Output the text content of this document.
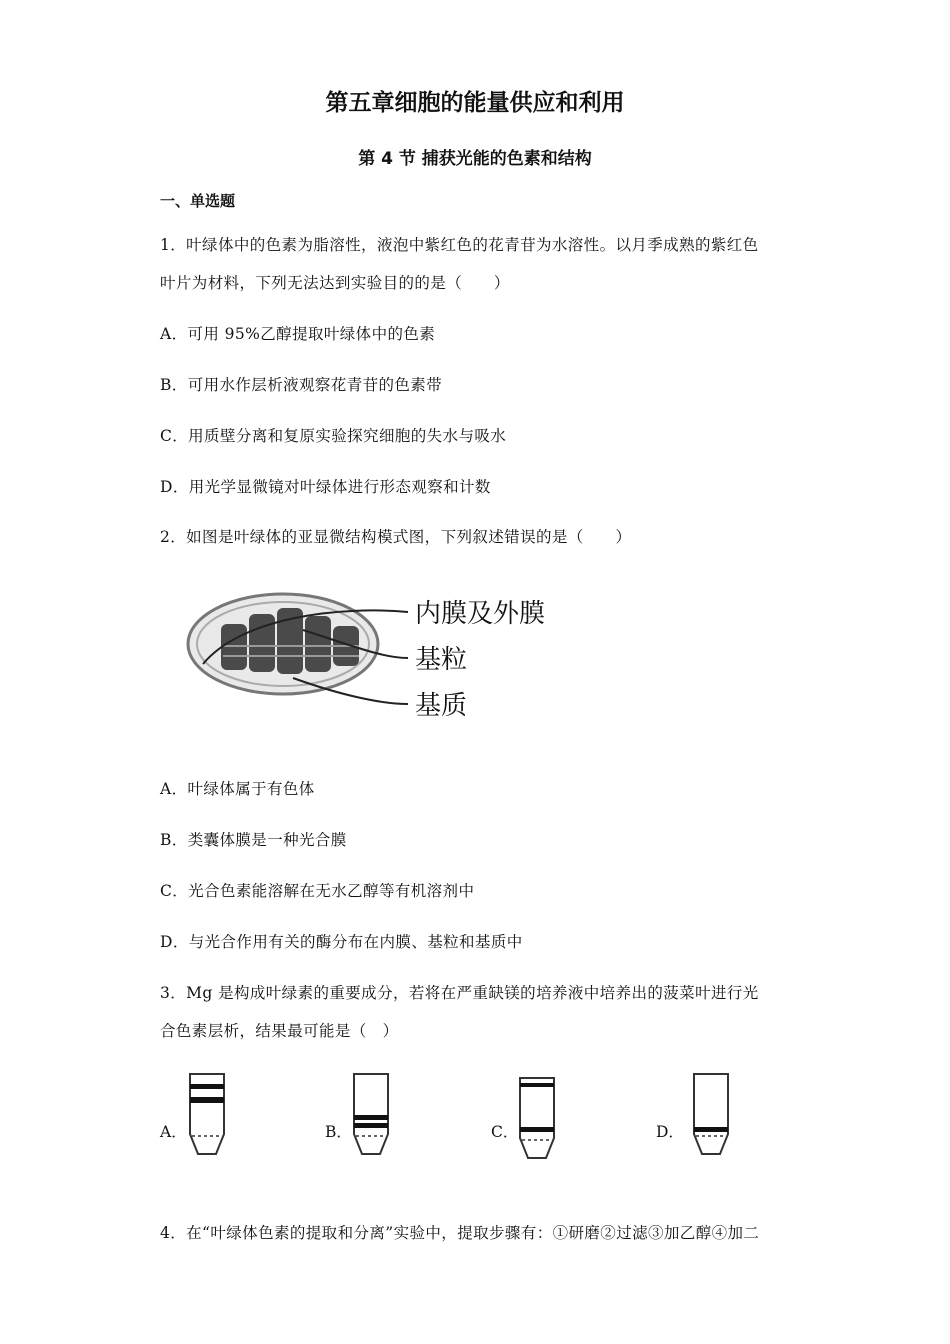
第五章细胞的能量供应和利用
第 4 节 捕获光能的色素和结构
一、单选题
1．叶绿体中的色素为脂溶性，液泡中紫红色的花青苷为水溶性。以月季成熟的紫红色
叶片为材料，下列无法达到实验目的的是（　　）
A．可用 95%乙醇提取叶绿体中的色素
B．可用水作层析液观察花青苷的色素带
C．用质壁分离和复原实验探究细胞的失水与吸水
D．用光学显微镜对叶绿体进行形态观察和计数
2．如图是叶绿体的亚显微结构模式图，下列叙述错误的是（　　）
内膜及外膜
基粒
基质
A．叶绿体属于有色体
B．类囊体膜是一种光合膜
C．光合色素能溶解在无水乙醇等有机溶剂中
D．与光合作用有关的酶分布在内膜、基粒和基质中
3．Mg 是构成叶绿素的重要成分，若将在严重缺镁的培养液中培养出的菠菜叶进行光
合色素层析，结果最可能是（　）
A．	B．	C．	D．
4．在“叶绿体色素的提取和分离”实验中，提取步骤有：①研磨②过滤③加乙醇④加二
